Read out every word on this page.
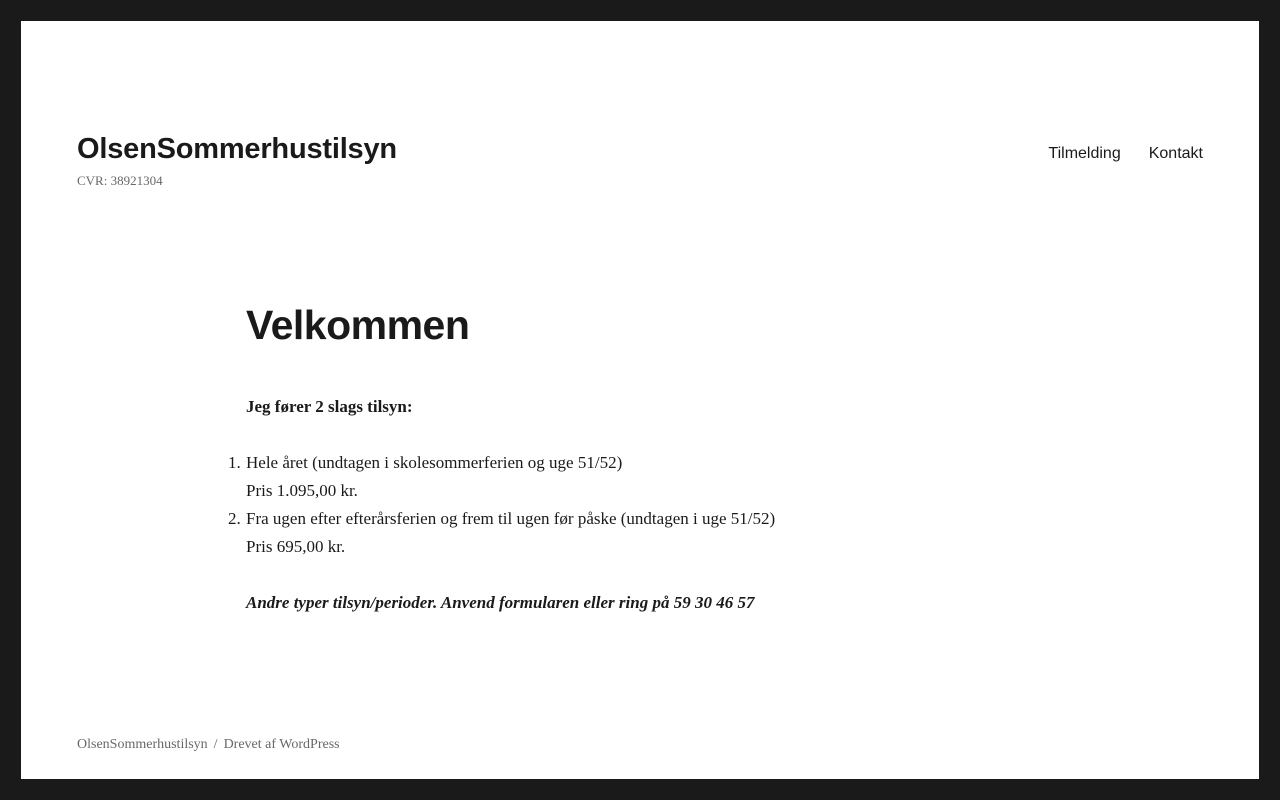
OlsenSommerhustilsyn
CVR: 38921304
Tilmelding Kontakt
Velkommen

Jeg fører 2 slags tilsyn:

1. Hele året (undtagen i skolesommerferien og uge 51/52)
Pris 1.095,00 kr.
2. Fra ugen efter efterårsferien og frem til ugen før påske (undtagen i uge 51/52)
Pris 695,00 kr.

Andre typer tilsyn/perioder. Anvend formularen eller ring på 59 30 46 57

OlsenSommerhustilsyn / Drevet af WordPress
